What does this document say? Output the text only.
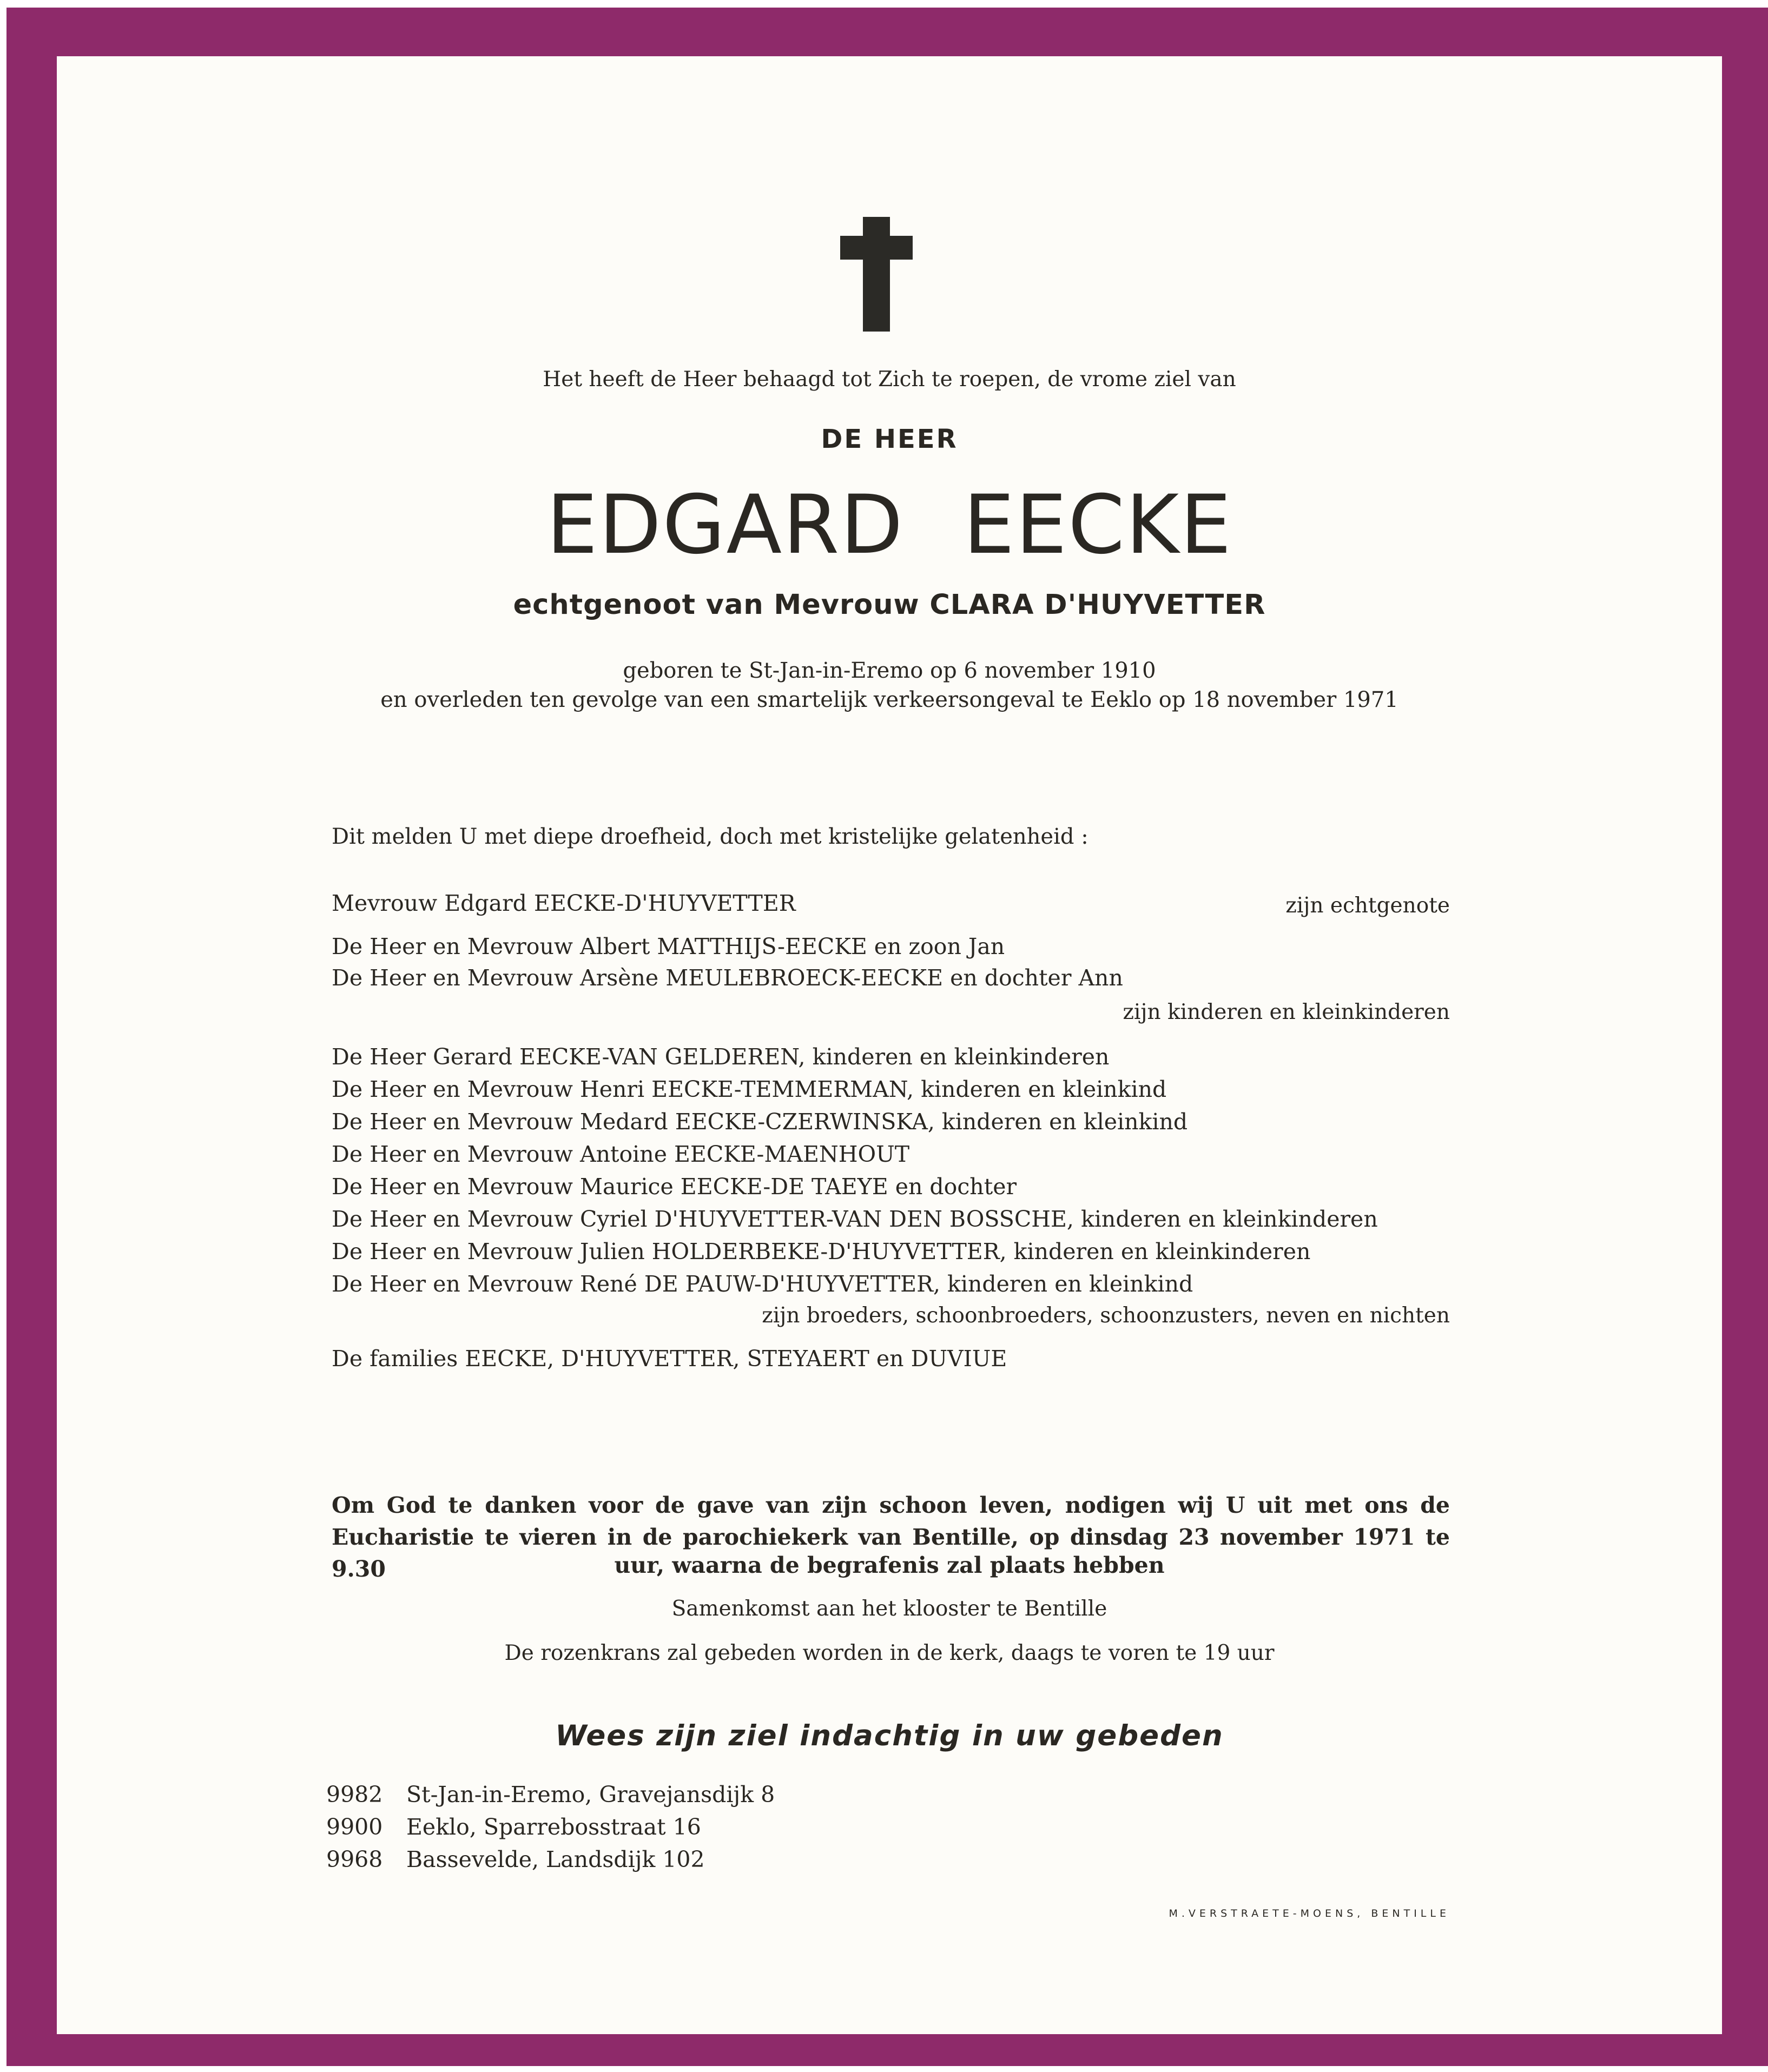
Het heeft de Heer behaagd tot Zich te roepen, de vrome ziel van
DE HEER
EDGARD EECKE
echtgenoot van Mevrouw CLARA D'HUYVETTER
geboren te St-Jan-in-Eremo op 6 november 1910
en overleden ten gevolge van een smartelijk verkeersongeval te Eeklo op 18 november 1971
Dit melden U met diepe droefheid, doch met kristelijke gelatenheid :
Mevrouw Edgard EECKE-D'HUYVETTER	zijn echtgenote
De Heer en Mevrouw Albert MATTHIJS-EECKE en zoon Jan
De Heer en Mevrouw Arsène MEULEBROECK-EECKE en dochter Ann
zijn kinderen en kleinkinderen
De Heer Gerard EECKE-VAN GELDEREN, kinderen en kleinkinderen
De Heer en Mevrouw Henri EECKE-TEMMERMAN, kinderen en kleinkind
De Heer en Mevrouw Medard EECKE-CZERWINSKA, kinderen en kleinkind
De Heer en Mevrouw Antoine EECKE-MAENHOUT
De Heer en Mevrouw Maurice EECKE-DE TAEYE en dochter
De Heer en Mevrouw Cyriel D'HUYVETTER-VAN DEN BOSSCHE, kinderen en kleinkinderen
De Heer en Mevrouw Julien HOLDERBEKE-D'HUYVETTER, kinderen en kleinkinderen
De Heer en Mevrouw René DE PAUW-D'HUYVETTER, kinderen en kleinkind
zijn broeders, schoonbroeders, schoonzusters, neven en nichten
De families EECKE, D'HUYVETTER, STEYAERT en DUVIUE
Om God te danken voor de gave van zijn schoon leven, nodigen wij U uit met ons de Eucharistie te vieren in de parochiekerk van Bentille, op dinsdag 23 november 1971 te 9.30	uur, waarna de begrafenis zal plaats hebben
Samenkomst aan het klooster te Bentille
De rozenkrans zal gebeden worden in de kerk, daags te voren te 19 uur
Wees zijn ziel indachtig in uw gebeden
9982 St-Jan-in-Eremo, Gravejansdijk 8
9900 Eeklo, Sparrebosstraat 16
9968 Bassevelde, Landsdijk 102
M.VERSTRAETE-MOENS, BENTILLE
